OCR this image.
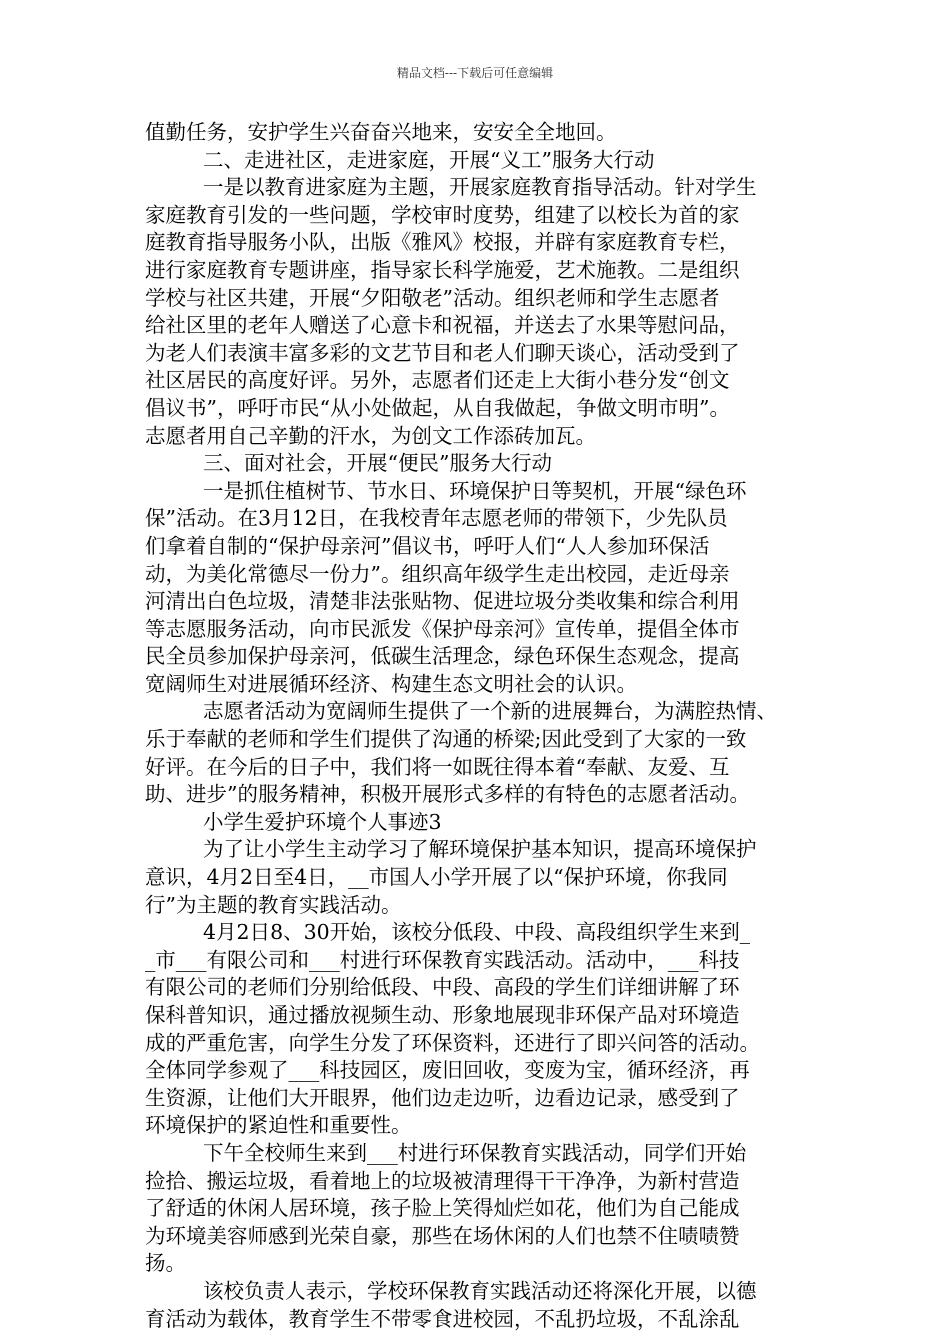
精品文档---下载后可任意编辑
值勤任务，安护学生兴奋奋兴地来，安安全全地回。
二、走进社区，走进家庭，开展“义工”服务大行动
一是以教育进家庭为主题，开展家庭教育指导活动。针对学生
家庭教育引发的一些问题，学校审时度势，组建了以校长为首的家
庭教育指导服务小队，出版《雅风》校报，并辟有家庭教育专栏，
进行家庭教育专题讲座，指导家长科学施爱，艺术施教。二是组织
学校与社区共建，开展“夕阳敬老”活动。组织老师和学生志愿者
给社区里的老年人赠送了心意卡和祝福，并送去了水果等慰问品，
为老人们表演丰富多彩的文艺节目和老人们聊天谈心，活动受到了
社区居民的高度好评。另外，志愿者们还走上大街小巷分发“创文
倡议书”，呼吁市民“从小处做起，从自我做起，争做文明市明”。
志愿者用自己辛勤的汗水，为创文工作添砖加瓦。
三、面对社会，开展“便民”服务大行动
一是抓住植树节、节水日、环境保护日等契机，开展“绿色环
保”活动。在3月12日，在我校青年志愿老师的带领下，少先队员
们拿着自制的“保护母亲河”倡议书，呼吁人们“人人参加环保活
动，为美化常德尽一份力”。组织高年级学生走出校园，走近母亲
河清出白色垃圾，清楚非法张贴物、促进垃圾分类收集和综合利用
等志愿服务活动，向市民派发《保护母亲河》宣传单，提倡全体市
民全员参加保护母亲河，低碳生活理念，绿色环保生态观念，提高
宽阔师生对进展循环经济、构建生态文明社会的认识。
志愿者活动为宽阔师生提供了一个新的进展舞台，为满腔热情、
乐于奉献的老师和学生们提供了沟通的桥梁;因此受到了大家的一致
好评。在今后的日子中，我们将一如既往得本着“奉献、友爱、互
助、进步”的服务精神，积极开展形式多样的有特色的志愿者活动。
小学生爱护环境个人事迹3
为了让小学生主动学习了解环境保护基本知识，提高环境保护
意识，4月2日至4日，__市国人小学开展了以“保护环境，你我同
行”为主题的教育实践活动。
4月2日8、30开始，该校分低段、中段、高段组织学生来到_
_市___有限公司和___村进行环保教育实践活动。活动中，___科技
有限公司的老师们分别给低段、中段、高段的学生们详细讲解了环
保科普知识，通过播放视频生动、形象地展现非环保产品对环境造
成的严重危害，向学生分发了环保资料，还进行了即兴问答的活动。
全体同学参观了___科技园区，废旧回收，变废为宝，循环经济，再
生资源，让他们大开眼界，他们边走边听，边看边记录，感受到了
环境保护的紧迫性和重要性。
下午全校师生来到___村进行环保教育实践活动，同学们开始
捡拾、搬运垃圾，看着地上的垃圾被清理得干干净净，为新村营造
了舒适的休闲人居环境，孩子脸上笑得灿烂如花，他们为自己能成
为环境美容师感到光荣自豪，那些在场休闲的人们也禁不住啧啧赞
扬。
该校负责人表示，学校环保教育实践活动还将深化开展，以德
育活动为载体，教育学生不带零食进校园，不乱扔垃圾，不乱涂乱
